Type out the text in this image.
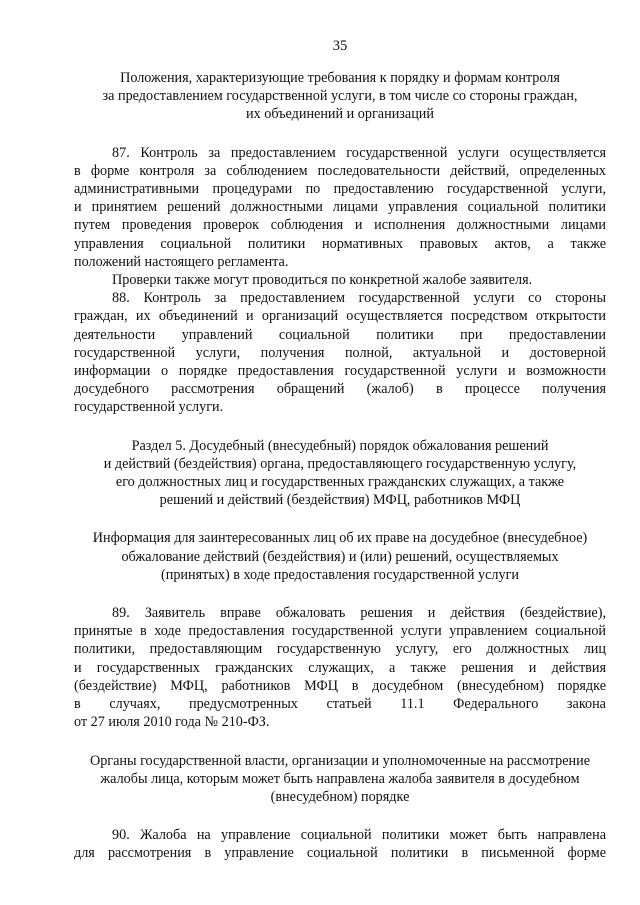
35
Положения, характеризующие требования к порядку и формам контроля
за предоставлением государственной услуги, в том числе со стороны граждан,
их объединений и организаций
87. Контроль за предоставлением государственной услуги осуществляется
в форме контроля за соблюдением последовательности действий, определенных
административными процедурами по предоставлению государственной услуги,
и принятием решений должностными лицами управления социальной политики
путем проведения проверок соблюдения и исполнения должностными лицами
управления социальной политики нормативных правовых актов, а также
положений настоящего регламента.
Проверки также могут проводиться по конкретной жалобе заявителя.
88. Контроль за предоставлением государственной услуги со стороны
граждан, их объединений и организаций осуществляется посредством открытости
деятельности управлений социальной политики при предоставлении
государственной услуги, получения полной, актуальной и достоверной
информации о порядке предоставления государственной услуги и возможности
досудебного рассмотрения обращений (жалоб) в процессе получения
государственной услуги.
Раздел 5. Досудебный (внесудебный) порядок обжалования решений
и действий (бездействия) органа, предоставляющего государственную услугу,
его должностных лиц и государственных гражданских служащих, а также
решений и действий (бездействия) МФЦ, работников МФЦ
Информация для заинтересованных лиц об их праве на досудебное (внесудебное)
обжалование действий (бездействия) и (или) решений, осуществляемых
(принятых) в ходе предоставления государственной услуги
89. Заявитель вправе обжаловать решения и действия (бездействие),
принятые в ходе предоставления государственной услуги управлением социальной
политики, предоставляющим государственную услугу, его должностных лиц
и государственных гражданских служащих, а также решения и действия
(бездействие) МФЦ, работников МФЦ в досудебном (внесудебном) порядке
в случаях, предусмотренных статьей 11.1 Федерального закона
от 27 июля 2010 года № 210-ФЗ.
Органы государственной власти, организации и уполномоченные на рассмотрение
жалобы лица, которым может быть направлена жалоба заявителя в досудебном
(внесудебном) порядке
90. Жалоба на управление социальной политики может быть направлена
для рассмотрения в управление социальной политики в письменной форме
